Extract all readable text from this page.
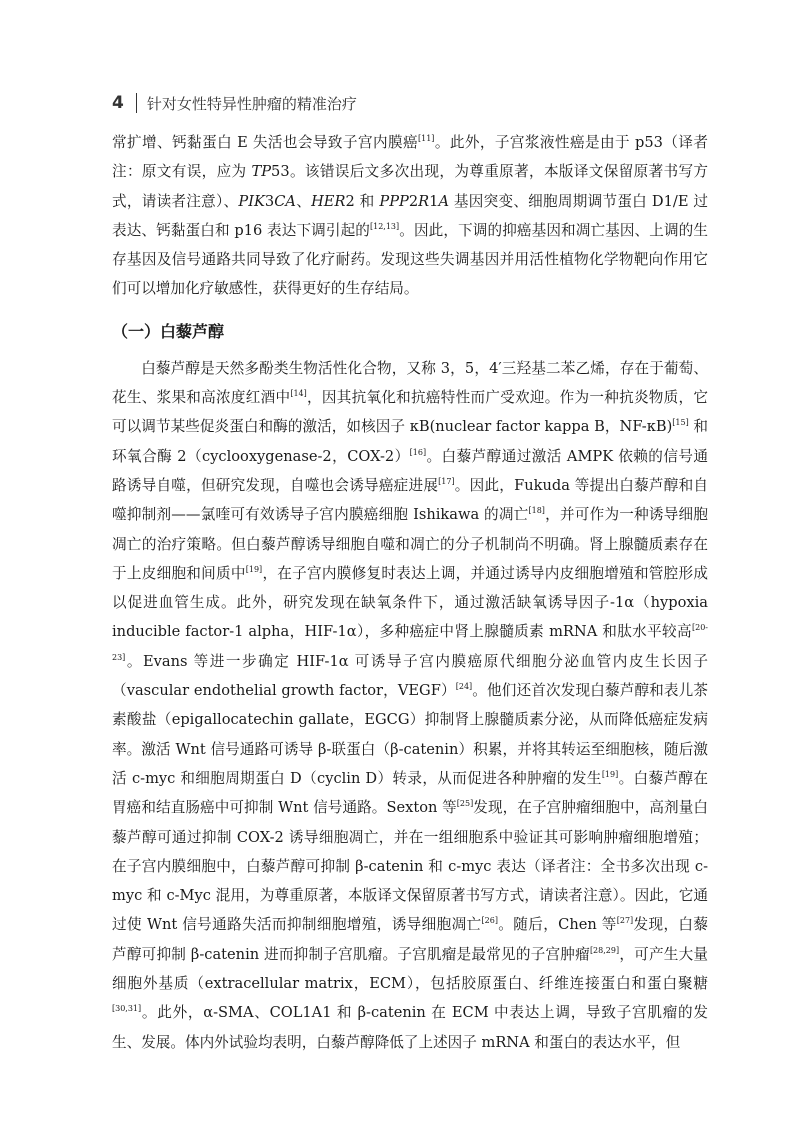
4 针对女性特异性肿瘤的精准治疗

常扩增、钙黏蛋白 E 失活也会导致子宫内膜癌[11]。此外，子宫浆液性癌是由于 p53（译者注：原文有误，应为 TP53。该错误后文多次出现，为尊重原著，本版译文保留原著书写方式，请读者注意）、PIK3CA、HER2 和 PPP2R1A 基因突变、细胞周期调节蛋白 D1/E 过表达、钙黏蛋白和 p16 表达下调引起的[12,13]。因此，下调的抑癌基因和凋亡基因、上调的生存基因及信号通路共同导致了化疗耐药。发现这些失调基因并用活性植物化学物靶向作用它们可以增加化疗敏感性，获得更好的生存结局。

（一）白藜芦醇

白藜芦醇是天然多酚类生物活性化合物，又称 3，5，4′三羟基二苯乙烯，存在于葡萄、花生、浆果和高浓度红酒中[14]，因其抗氧化和抗癌特性而广受欢迎。作为一种抗炎物质，它可以调节某些促炎蛋白和酶的激活，如核因子 κB(nuclear factor kappa B，NF-κB)[15] 和环氧合酶 2（cyclooxygenase-2，COX-2）[16]。白藜芦醇通过激活 AMPK 依赖的信号通路诱导自噬，但研究发现，自噬也会诱导癌症进展[17]。因此，Fukuda 等提出白藜芦醇和自噬抑制剂——氯喹可有效诱导子宫内膜癌细胞 Ishikawa 的凋亡[18]，并可作为一种诱导细胞凋亡的治疗策略。但白藜芦醇诱导细胞自噬和凋亡的分子机制尚不明确。肾上腺髓质素存在于上皮细胞和间质中[19]，在子宫内膜修复时表达上调，并通过诱导内皮细胞增殖和管腔形成以促进血管生成。此外，研究发现在缺氧条件下，通过激活缺氧诱导因子-1α（hypoxia inducible factor-1 alpha，HIF-1α），多种癌症中肾上腺髓质素 mRNA 和肽水平较高[20-23]。Evans 等进一步确定 HIF-1α 可诱导子宫内膜癌原代细胞分泌血管内皮生长因子（vascular endothelial growth factor，VEGF）[24]。他们还首次发现白藜芦醇和表儿茶素酸盐（epigallocatechin gallate，EGCG）抑制肾上腺髓质素分泌，从而降低癌症发病率。激活 Wnt 信号通路可诱导 β-联蛋白（β-catenin）积累，并将其转运至细胞核，随后激活 c-myc 和细胞周期蛋白 D（cyclin D）转录，从而促进各种肿瘤的发生[19]。白藜芦醇在胃癌和结直肠癌中可抑制 Wnt 信号通路。Sexton 等[25]发现，在子宫肿瘤细胞中，高剂量白藜芦醇可通过抑制 COX-2 诱导细胞凋亡，并在一组细胞系中验证其可影响肿瘤细胞增殖；在子宫内膜细胞中，白藜芦醇可抑制 β-catenin 和 c-myc 表达（译者注：全书多次出现 c-myc 和 c-Myc 混用，为尊重原著，本版译文保留原著书写方式，请读者注意）。因此，它通过使 Wnt 信号通路失活而抑制细胞增殖，诱导细胞凋亡[26]。随后，Chen 等[27]发现，白藜芦醇可抑制 β-catenin 进而抑制子宫肌瘤。子宫肌瘤是最常见的子宫肿瘤[28,29]，可产生大量细胞外基质（extracellular matrix，ECM），包括胶原蛋白、纤维连接蛋白和蛋白聚糖[30,31]。此外，α-SMA、COL1A1 和 β-catenin 在 ECM 中表达上调，导致子宫肌瘤的发生、发展。体内外试验均表明，白藜芦醇降低了上述因子 mRNA 和蛋白的表达水平，但
